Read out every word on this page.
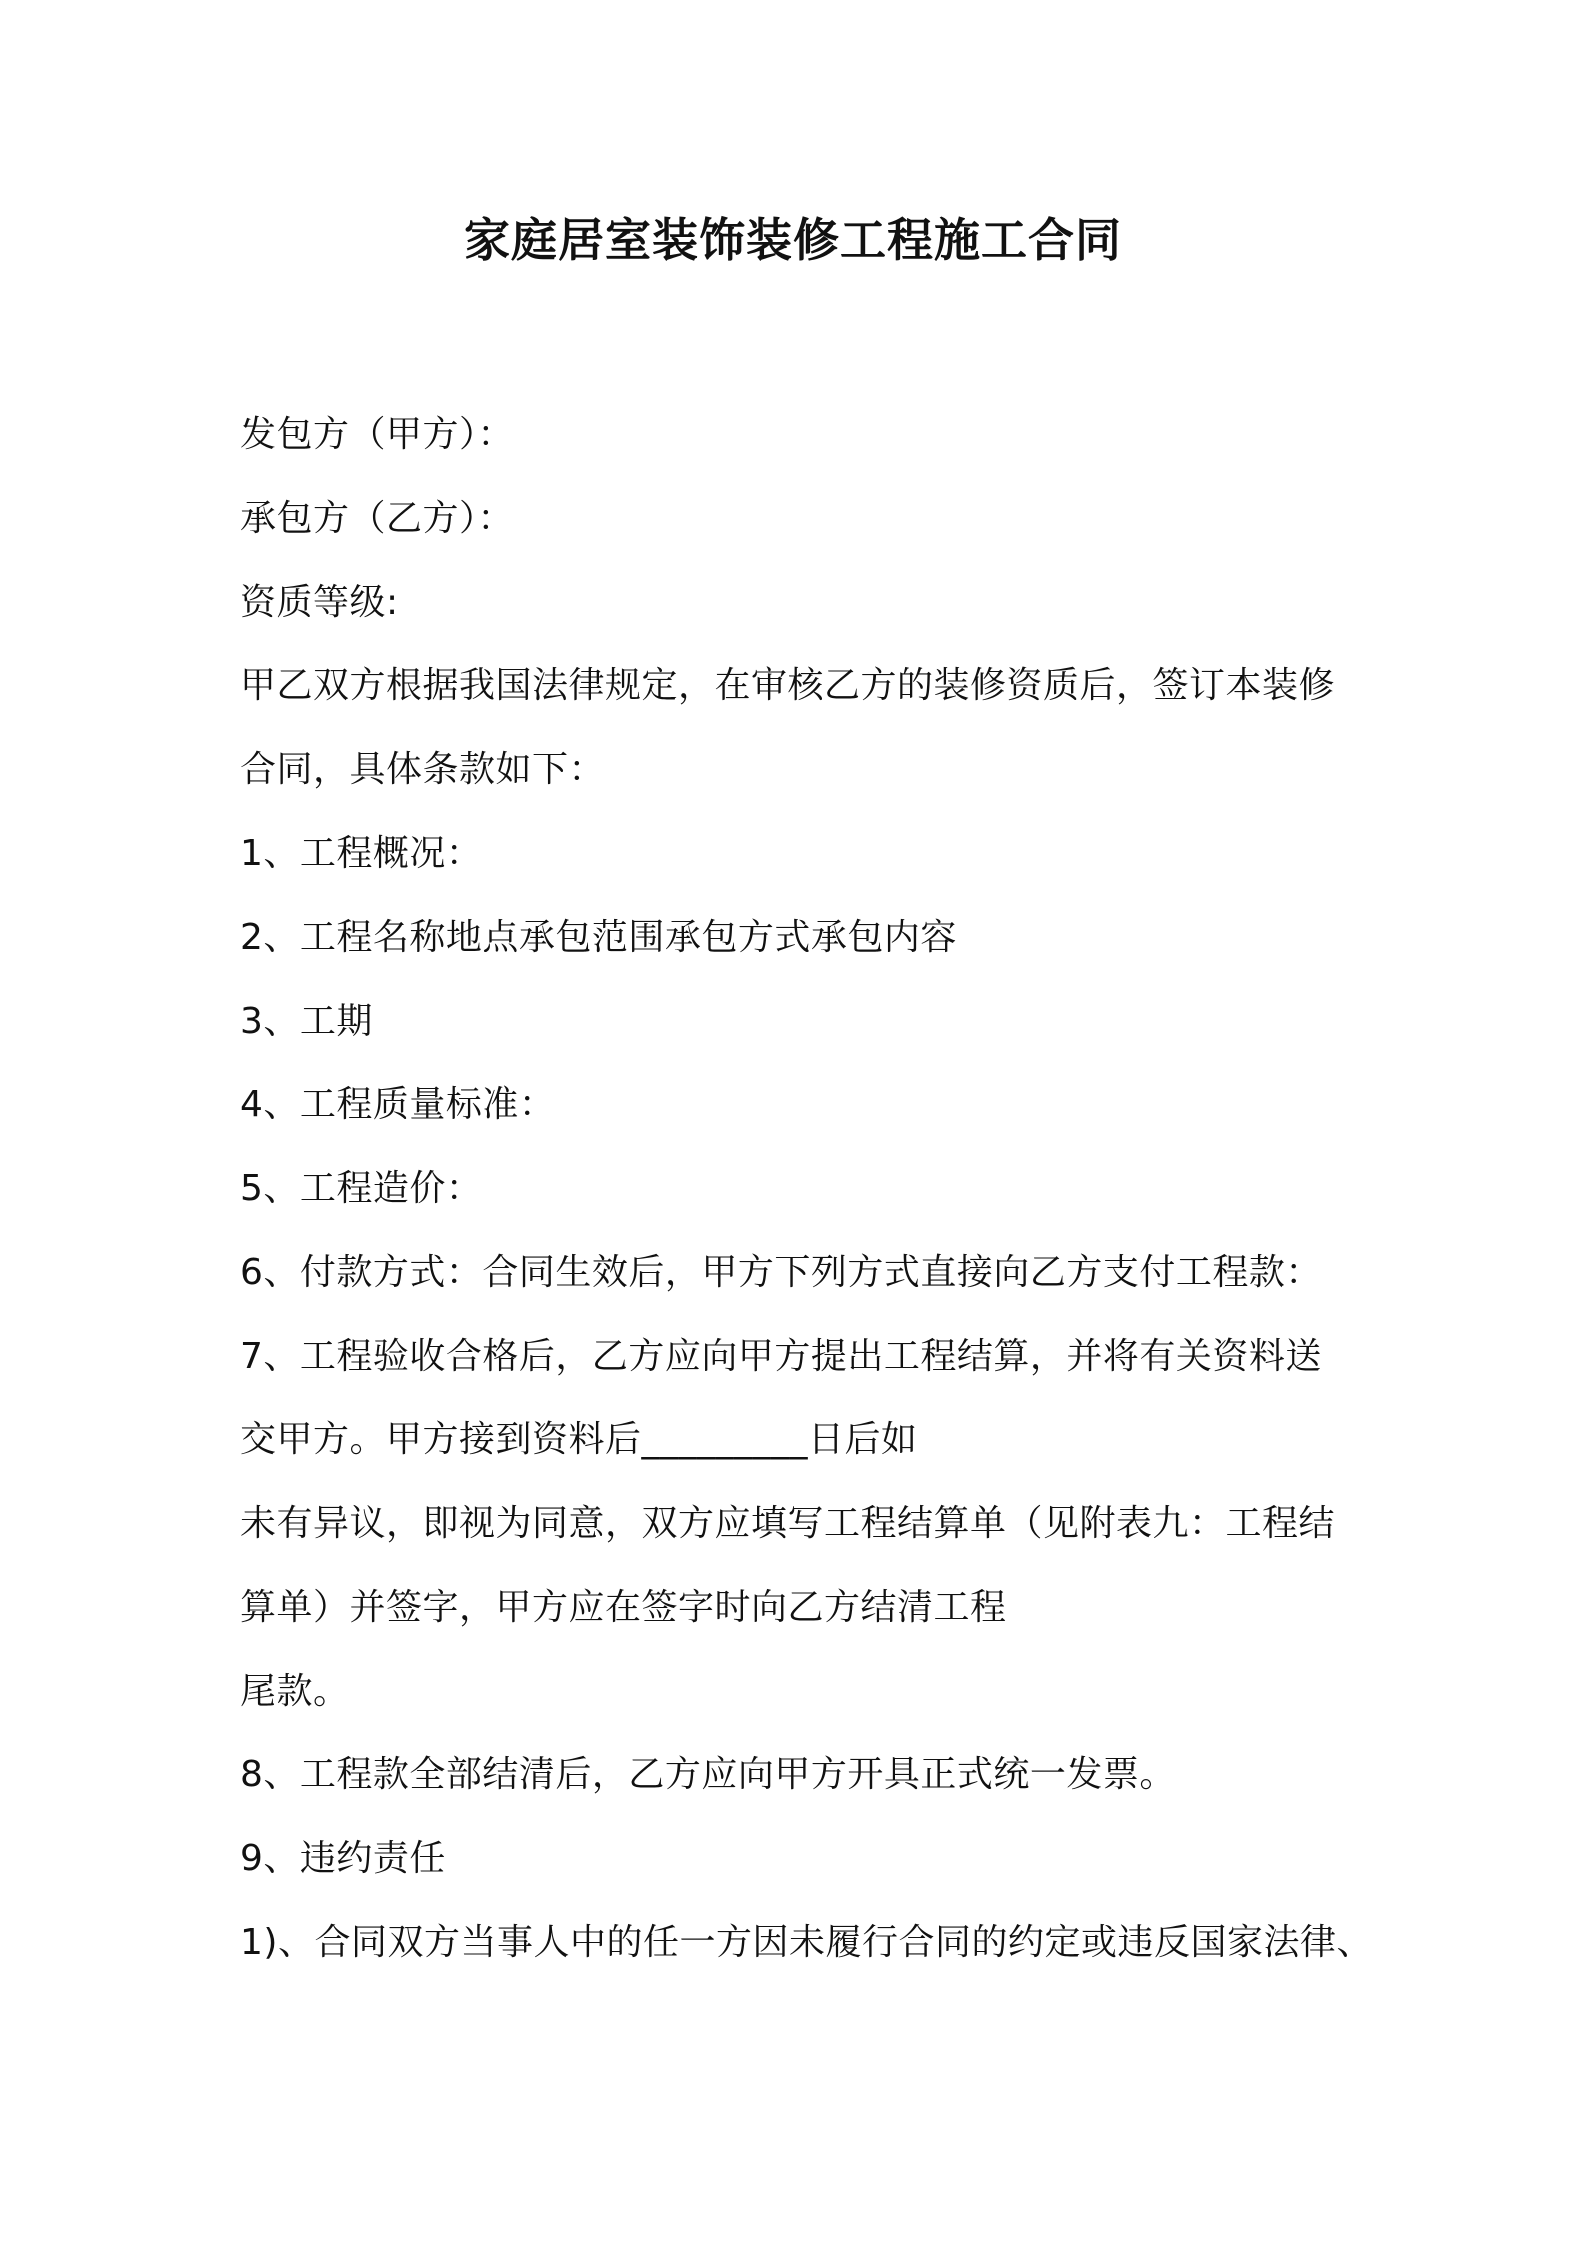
家庭居室装饰装修工程施工合同

发包方（甲方）：

承包方（乙方）：

资质等级:

甲乙双方根据我国法律规定，在审核乙方的装修资质后，签订本装修

合同，具体条款如下：

1、工程概况：

2、工程名称地点承包范围承包方式承包内容

3、工期

4、工程质量标准：

5、工程造价：

6、付款方式：合同生效后，甲方下列方式直接向乙方支付工程款：

7、工程验收合格后，乙方应向甲方提出工程结算，并将有关资料送

交甲方。甲方接到资料后_________日后如

未有异议，即视为同意，双方应填写工程结算单（见附表九：工程结

算单）并签字，甲方应在签字时向乙方结清工程

尾款。

8、工程款全部结清后，乙方应向甲方开具正式统一发票。

9、违约责任

1)、合同双方当事人中的任一方因未履行合同的约定或违反国家法律、
